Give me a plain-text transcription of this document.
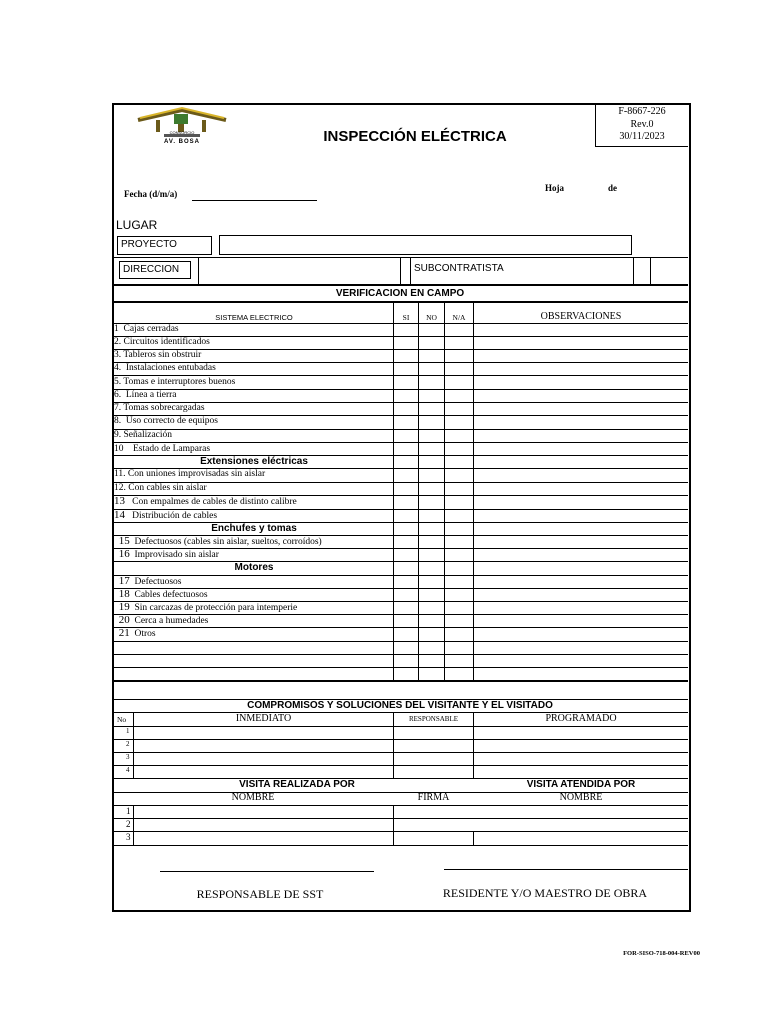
CONSORCIO
AV. BOSA	INSPECCIÓN ELÉCTRICA
F-8667-226
Rev.0
30/11/2023
Fecha (d/m/a)
Hoja	de
LUGAR
PROYECTO
DIRECCION	SUBCONTRATISTA
VERIFICACION EN CAMPO
SISTEMA ELECTRICO	SI	NO	N/A	OBSERVACIONES
1 Cajas cerradas
2. Circuitos identificados
3. Tableros sin obstruir
4. Instalaciones entubadas
5. Tomas e interruptores buenos
6. Línea a tierra
7. Tomas sobrecargadas
8. Uso correcto de equipos
9. Señalización
10 Estado de Lamparas
Extensiones eléctricas
11. Con uniones improvisadas sin aislar
12. Con cables sin aislar
13 Con empalmes de cables de distinto calibre
14 Distribución de cables
Enchufes y tomas
15 Defectuosos (cables sin aislar, sueltos, corroídos)
16 Improvisado sin aislar
Motores
17 Defectuosos
18 Cables defectuosos
19 Sin carcazas de protección para intemperie
20 Cerca a humedades
21 Otros
COMPROMISOS Y SOLUCIONES DEL VISITANTE Y EL VISITADO
No	INMEDIATO	RESPONSABLE	PROGRAMADO
1
2
3
4
VISITA REALIZADA POR	VISITA ATENDIDA POR
NOMBRE	FIRMA	NOMBRE
1
2
3
RESPONSABLE DE SST	RESIDENTE Y/O MAESTRO DE OBRA
FOR-SISO-718-004-REV00
